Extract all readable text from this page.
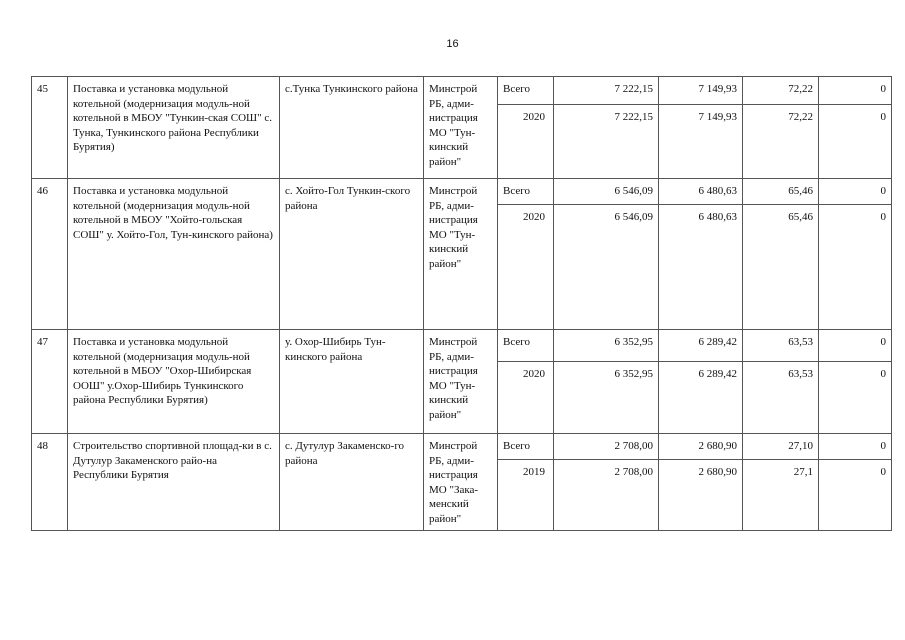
16
45	Поставка и установка модульной котельной (модернизация модуль-ной котельной в МБОУ "Тункин-ская СОШ" с. Тунка, Тункинского района Республики Бурятия)	с.Тунка Тункинского района	Минстрой РБ, адми-нистрация МО "Тун-кинский район"	Всего	7 222,15	7 149,93	72,22	0
				2020	7 222,15	7 149,93	72,22	0
46	Поставка и установка модульной котельной (модернизация модуль-ной котельной в МБОУ "Хойто-гольская СОШ" у. Хойто-Гол, Тун-кинского района)	с. Хойто-Гол Тункин-ского района	Минстрой РБ, адми-нистрация МО "Тун-кинский район"	Всего	6 546,09	6 480,63	65,46	0
				2020	6 546,09	6 480,63	65,46	0
47	Поставка и установка модульной котельной (модернизация модуль-ной котельной в МБОУ "Охор-Шибирская ООШ" у.Охор-Шибирь Тункинского района Республики Бурятия)	у. Охор-Шибирь Тун-кинского района	Минстрой РБ, адми-нистрация МО "Тун-кинский район"	Всего	6 352,95	6 289,42	63,53	0
				2020	6 352,95	6 289,42	63,53	0
48	Строительство спортивной площад-ки в с. Дутулур Закаменского райо-на Республики Бурятия	с. Дутулур Закаменско-го района	Минстрой РБ, адми-нистрация МО "Зака-менский район"	Всего	2 708,00	2 680,90	27,10	0
				2019	2 708,00	2 680,90	27,1	0
